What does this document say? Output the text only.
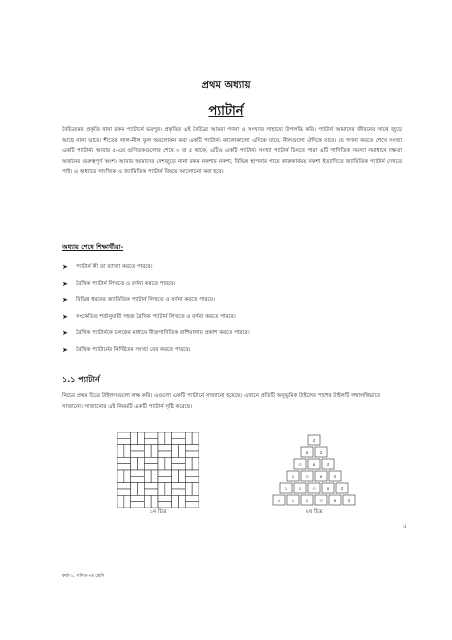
প্রথম অধ্যায়
প্যাটার্ন
বৈচিত্র্যময় প্রকৃতি নানা রকম প্যাটার্নে ভরপুর। প্রকৃতির এই বৈচিত্র্য আমরা গণনা ও সংখ্যার সাহায্যে উপলব্ধি করি। প্যাটার্ন আমাদের জীবনের সাথে জুড়ে আছে নানা ভাবে। শীতের লাল-নীল ফুল অবলোকন করা একটি প্যাটার্ন। কালোকালো এদিকে যাবে, নীলগুলো ঐদিকে যাবে। যে গণনা করতে শেখে সংখ্যা একটি প্যাটার্ন। আবার ৫-এর গুণিতকগুলোর শেষে ০ বা ৫ থাকে, এটিও একটি প্যাটার্ন। সংখ্যা প্যাটার্ন চিনতে পারা এটি গাণিতিক সমস্যা সমাধানে দক্ষতা অর্জনের গুরুত্বপূর্ণ অংশ। আবার আমাদের দেশজুড়ে নানা রকম নকশার নকশা, বিভিন্ন স্থাপনার গায়ে কারুকার্যময় নকশা ইত্যাদিতে জ্যামিতিক প্যাটার্ন দেখতে পাই। এ অধ্যায়ে সাংখ্যিক ও জ্যামিতিক প্যাটার্ন বিষয়ে আলোচনা করা হবে।
অধ্যায় শেষে শিক্ষার্থীরা-
➤ প্যাটার্ন কী তা ব্যাখ্যা করতে পারবে।
➤ রৈখিক প্যাটার্ন লিখতে ও বর্ণনা করতে পারবে।
➤ বিভিন্ন ধরনের জ্যামিতিক প্যাটার্ন লিখতে ও বর্ণনা করতে পারবে।
➤ সংকেতিত শর্তানুযায়ী সহজ রৈখিক প্যাটার্ন লিখতে ও বর্ণনা করতে পারবে।
➤ রৈখিক প্যাটার্নকে চলকের মাধ্যমে বীজগাণিতিক রাশিমালায় প্রকাশ করতে পারবে।
➤ রৈখিক প্যাটার্নের নির্দিষ্টতম সংখ্যা বের করতে পারবে।
১.১ প্যাটার্ন
নিচের প্রথম চিত্রে টাইলসগুলো লক্ষ করি। এগুলো একটি প্যাটার্নে সাজানো হয়েছে। এখানে প্রতিটি অনুভূমিক টাইলের পাশের টাইলটি লম্বালম্বিভাবে সাজানো। সাজানোর এই নিয়মটি একটি প্যাটার্ন সৃষ্টি করেছে।
১ম চিত্র
৫
৪ ৫
৩ ৪ ৫
২ ৩ ৪ ৫
১ ২ ৩ ৪ ৫
০ ১ ২ ৩ ৪ ৫
২য় চিত্র
৫
ফর্মা-১, গণিত-৭ম শ্রেণি
